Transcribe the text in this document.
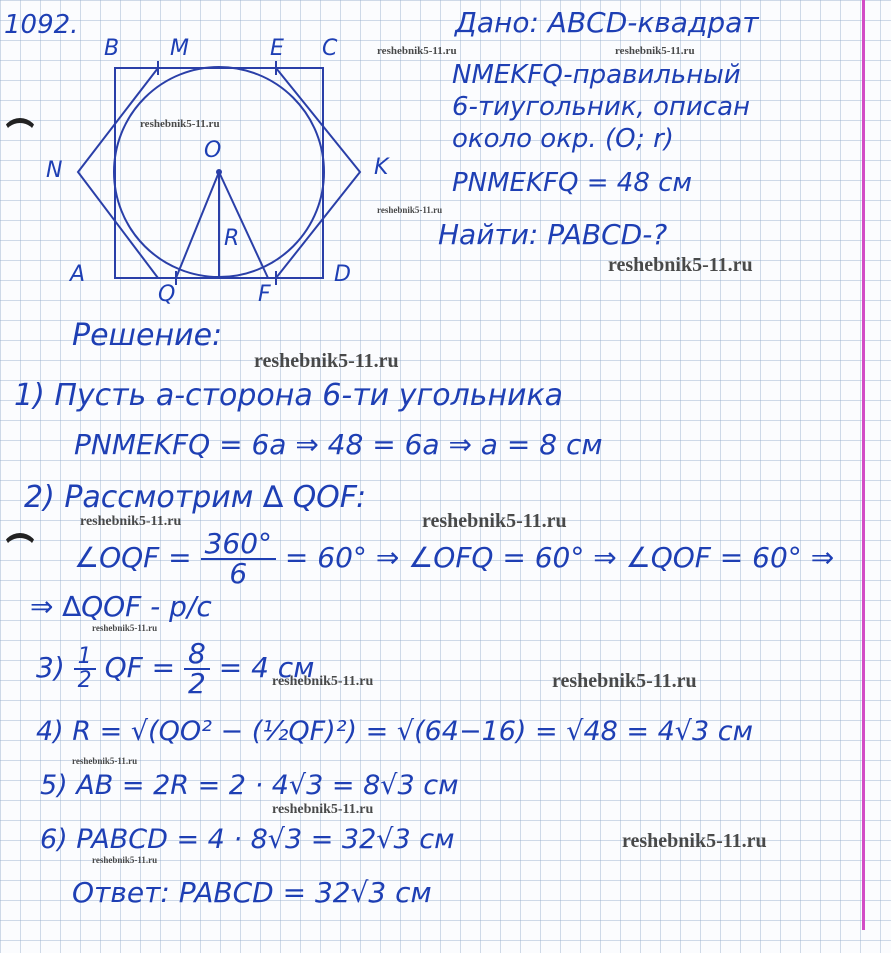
1092.
B M	E C
N
O
K
R
A
Q	F
D
Дано: ABCD-квадрат
NMEKFQ-правильный
6-тиугольник, описан
около окр. (O; r)
PNMEKFQ = 48 см
Найти: PABCD-?
Решение:
1) Пусть a-сторона 6-ти угольника
PNMEKFQ = 6a ⇒ 48 = 6a ⇒ a = 8 см
2) Рассмотрим ∆ QOF:
∠OQF = $\frac{360^\circ}{6} = 60^\circ$ ⇒ ∠OFQ = 60° ⇒ ∠QOF = 60° ⇒
⇒ ∆QOF - р/с
$3) \frac{1}{2}$ QF = $\frac{8}{2} = 4$ см
4) R = √(QO² − (½QF)²) = √(64−16) = √48 = 4√3 см
5) AB = 2R = 2 · 4√3 = 8√3 см
6) PABCD = 4 · 8√3 = 32√3 см
Ответ: PABCD = 32√3 см
reshebnik5-11.ru	reshebnik5-11.ru
reshebnik5-11.ru
reshebnik5-11.ru
reshebnik5-11.ru
reshebnik5-11.ru
reshebnik5-11.ru
reshebnik5-11.ru
reshebnik5-11.ru
reshebnik5-11.ru	reshebnik5-11.ru
reshebnik5-11.ru
reshebnik5-11.ru
reshebnik5-11.ru
reshebnik5-11.ru
